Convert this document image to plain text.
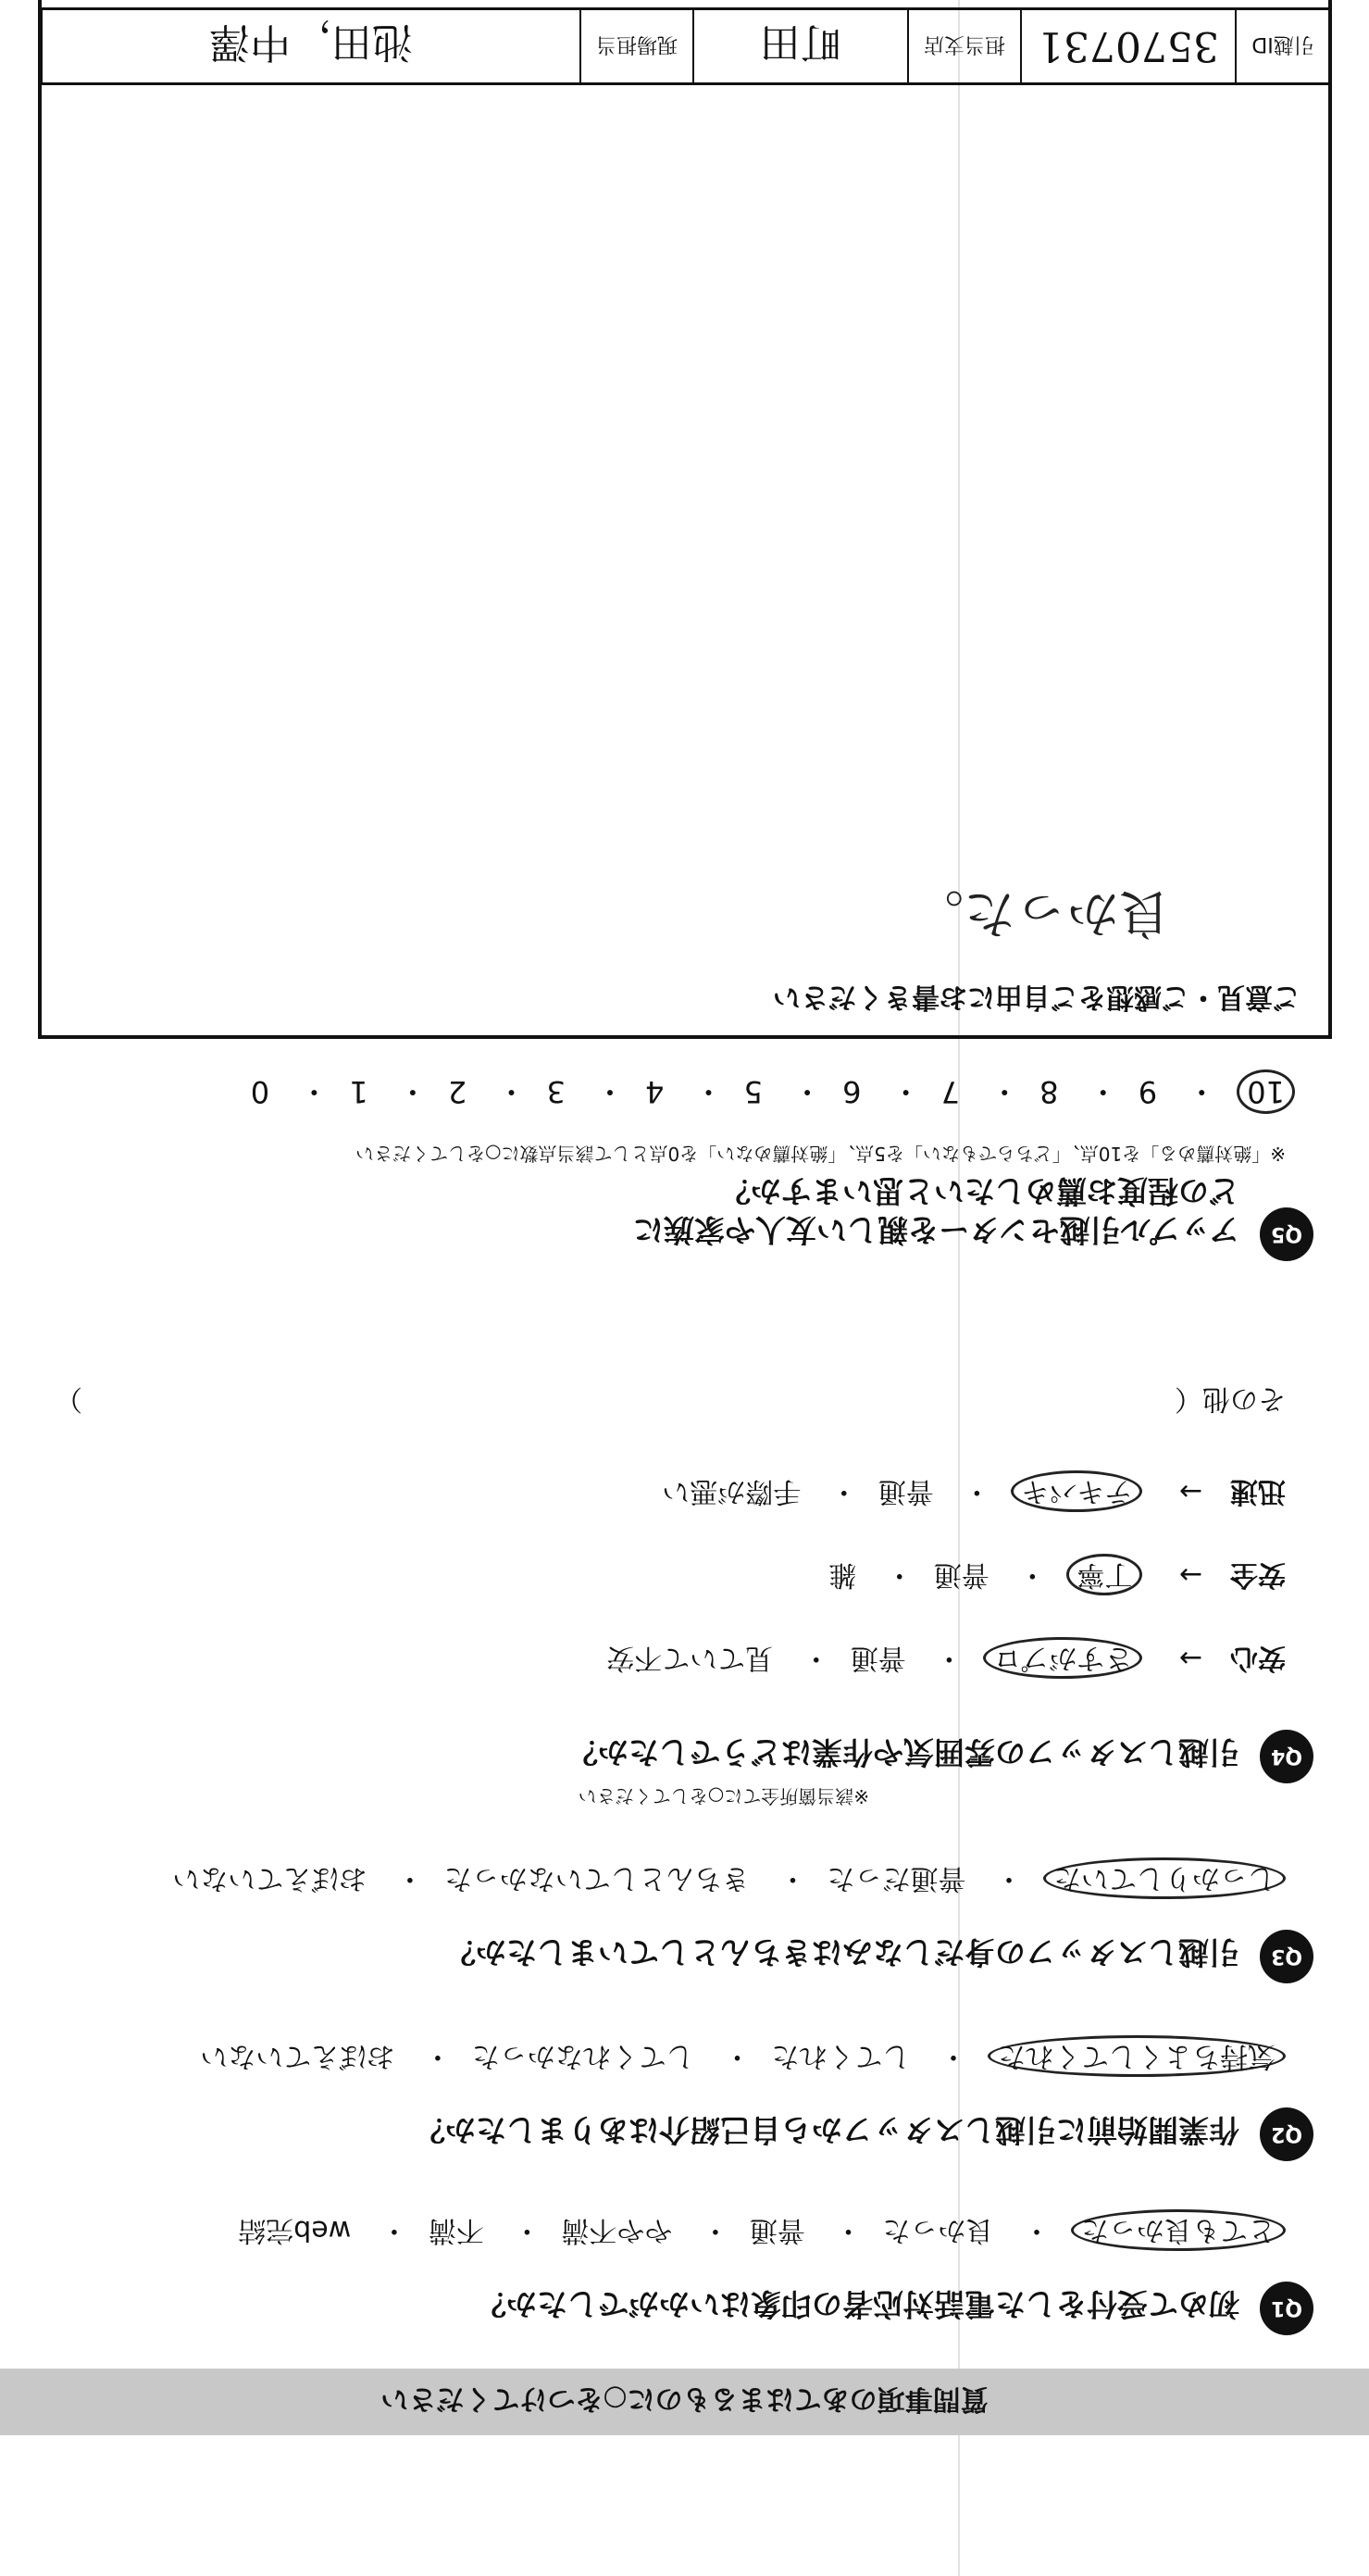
質問事項のあてはまるものに○をつけてください
Q1
初めて受付をした電話対応者の印象はいかがでしたか？
とても良かった・ 良かった・ 普通・ やや不満・ 不満・ web完結
Q2
作業開始前に引越しスタッフから自己紹介はありましたか？
気持ちよくしてくれた・ してくれた・ してくれなかった・ おぼえていない
Q3
引越しスタッフの身だしなみはきちんとしていましたか？
しっかりしていた・ 普通だった・ きちんとしていなかった・ おぼえていない
Q4
引越しスタッフの雰囲気や作業はどうでしたか？
※該当箇所全てに○をしてください
安心→ さすがプロ・ 普通・ 見ていて不安
安全→ 丁寧・ 普通・ 雑
迅速→ テキパキ・ 普通・ 手際が悪い
その他（
）
Q5
アップル引越センターを親しい友人や家族に
どの程度お薦めしたいと思いますか？
※「絶対薦める」を10点、「どちらでもない」を5点、「絶対薦めない」を0点として該当点数に○をしてください
10・ 9・ 8・ 7・ 6・ 5・ 4・ 3・ 2・ 1・ 0
ご意見・ご感想をご自由にお書きください
良かった。
引越ID
3570731
担当支店
町田
現場担当
池田，中澤
